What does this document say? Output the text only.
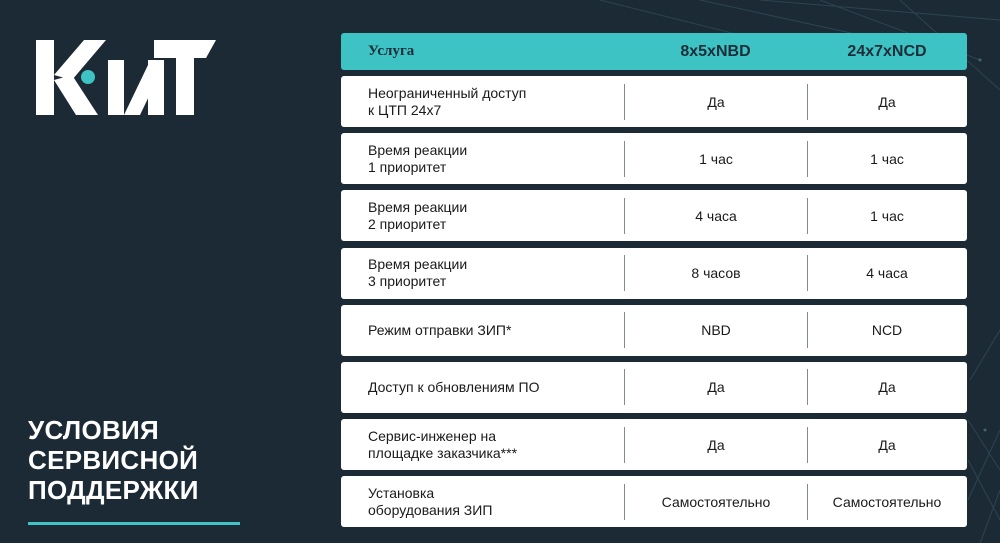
УСЛОВИЯ
СЕРВИСНОЙ
ПОДДЕРЖКИ
Услуга	8x5xNBD	24x7xNCD
Неограниченный доступ
к ЦТП 24х7	Да	Да
Время реакции
1 приоритет	1 час	1 час
Время реакции
2 приоритет	4 часа	1 час
Время реакции
3 приоритет	8 часов	4 часа
Режим отправки ЗИП*	NBD	NCD
Доступ к обновлениям ПО	Да	Да
Сервис-инженер на
площадке заказчика***	Да	Да
Установка
оборудования ЗИП	Самостоятельно	Самостоятельно
